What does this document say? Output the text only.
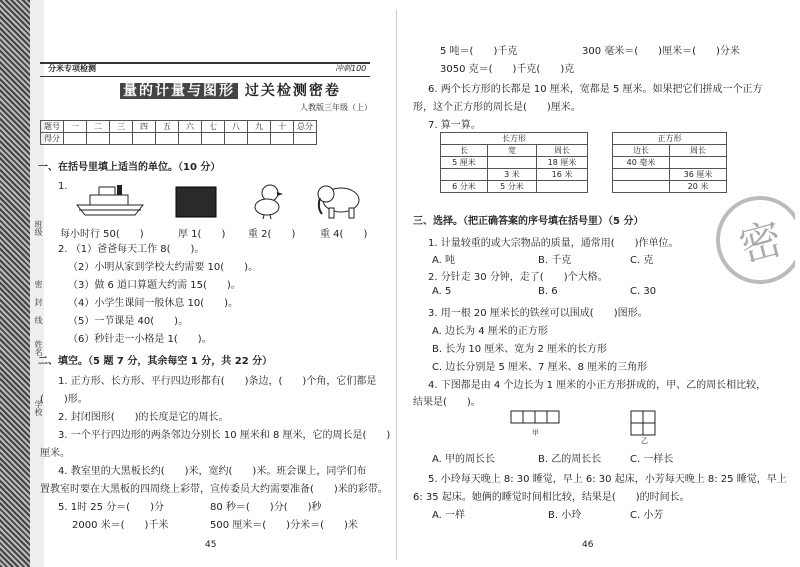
班级
密
封
线
姓名
学校
分米专项检测	冲刺100
量的计量与图形 过关检测密卷
人教版三年级（上）
题号	一	二	三	四	五	六	七	八	九	十	总分
得分											
一、在括号里填上适当的单位。（10 分）
1.
每小时行 50(　　)	厚 1(　　) 重 2(　　) 重 4(　　)
2. （1）爸爸每天工作 8(　　)。
（2）小明从家到学校大约需要 10(　　)。
（3）做 6 道口算题大约需 15(　　)。
（4）小学生课间一般休息 10(　　)。
（5）一节课是 40(　　)。
（6）秒针走一小格是 1(　　)。
二、填空。（5 题 7 分，其余每空 1 分，共 22 分）
1. 正方形、长方形、平行四边形都有(　　)条边，(　　)个角，它们都是
(　　)形。
2. 封闭图形(　　)的长度是它的周长。
3. 一个平行四边形的两条邻边分别长 10 厘米和 8 厘米，它的周长是(　　)
厘米。
4. 教室里的大黑板长约(　　)米，宽约(　　)米。班会课上，同学们布
置教室时要在大黑板的四周绕上彩带，宣传委员大约需要准备(　　)米的彩带。
5. 1时 25 分＝(　　)分	80 秒＝(　　)分(　　)秒
2000 米＝(　　)千米	500 厘米＝(　　)分米＝(　　)米
45
5 吨＝(　　)千克	300 毫米＝(　　)厘米＝(　　)分米
3050 克＝(　　)千克(　　)克
6. 两个长方形的长都是 10 厘米，宽都是 5 厘米。如果把它们拼成一个正方
形，这个正方形的周长是(　　)厘米。
7. 算一算。
长方形		
长	宽	周长
5 厘米		18 厘米
	3 米	16 米
6 分米	5 分米	
正方形	
边长	周长
40 毫米	
	36 厘米
	20 米
密
三、选择。（把正确答案的序号填在括号里）（5 分）
1. 计量较重的或大宗物品的质量，通常用(　　)作单位。
A. 吨	B. 千克	C. 克
2. 分针走 30 分钟，走了(　　)个大格。
A. 5	B. 6	C. 30
3. 用一根 20 厘米长的铁丝可以围成(　　)图形。
A. 边长为 4 厘米的正方形
B. 长为 10 厘米、宽为 2 厘米的长方形
C. 边长分别是 5 厘米、7 厘米、8 厘米的三角形
4. 下图都是由 4 个边长为 1 厘米的小正方形拼成的，甲、乙的周长相比较，
结果是(　　)。
甲
乙
A. 甲的周长长	B. 乙的周长长	C. 一样长
5. 小玲每天晚上 8: 30 睡觉，早上 6: 30 起床，小芳每天晚上 8: 25 睡觉，早上
6: 35 起床。她俩的睡觉时间相比较，结果是(　　)的时间长。
A. 一样	B. 小玲	C. 小芳
46
